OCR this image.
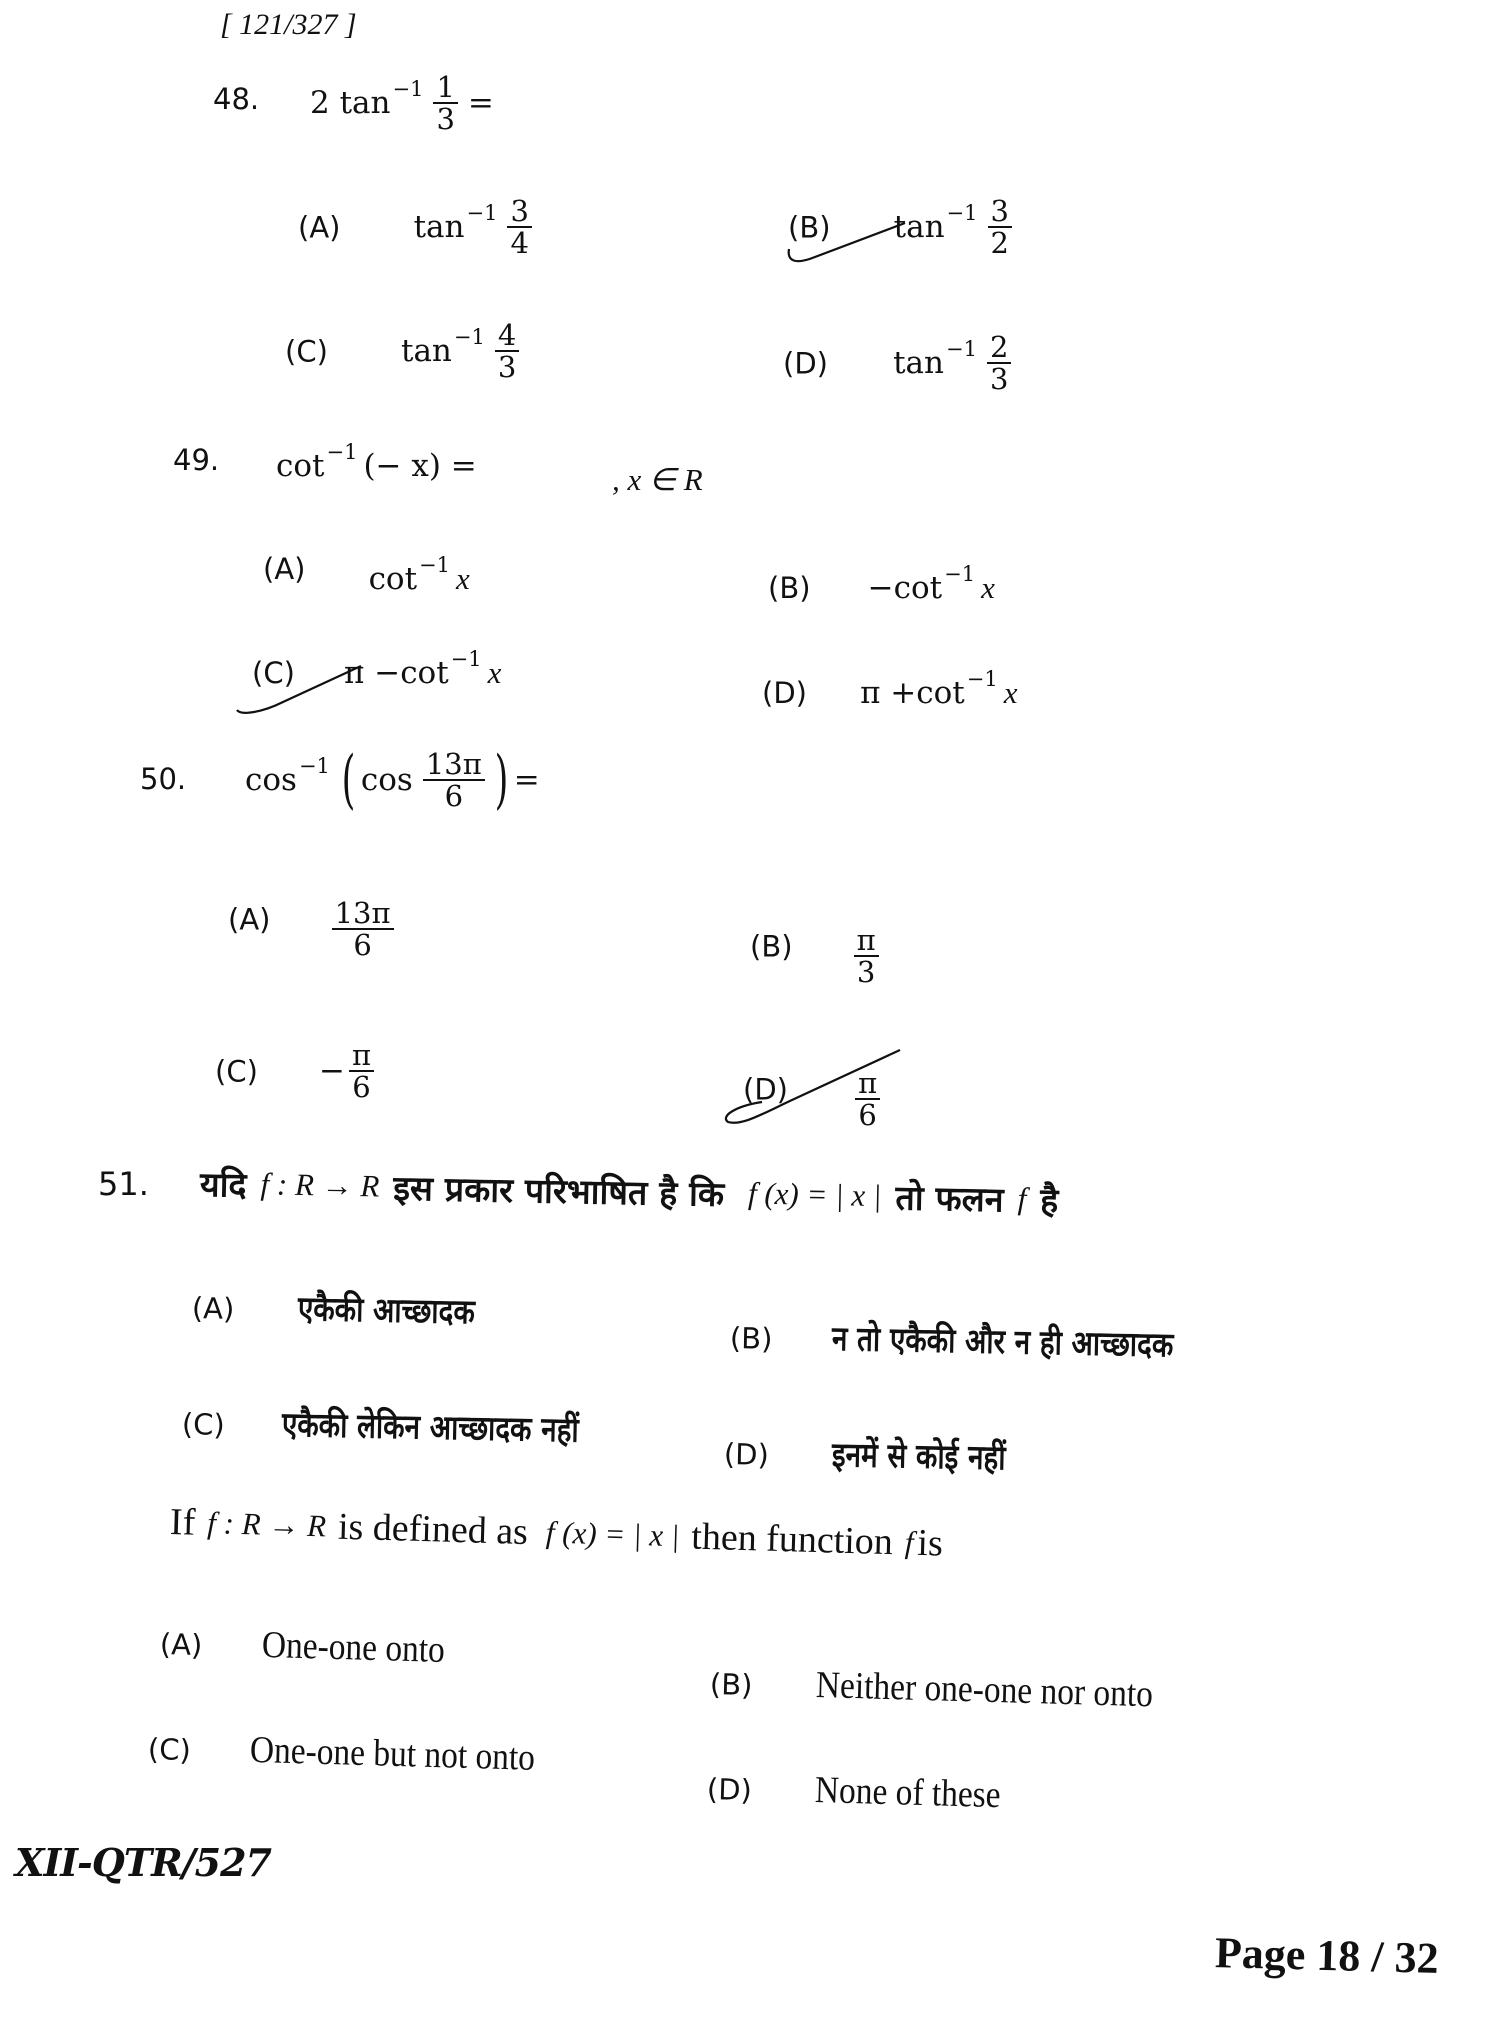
[ 121/327 ]
48. 2
$\tan^{-1} \frac{1}{3}$ =
(A) $\tan^{-1} \frac{3}{4}$	(B) $\tan^{-1} \frac{3}{2}$
(C) $\tan^{-1} \frac{4}{3}$	(D) $\tan^{-1} \frac{2}{3}$
49. $\cot^{-1}$ (− x) =	, x ∈ R
(A) $\cot^{-1} x$	$(B) - \cot^{-1} x$
(C) $\pi - \cot^{-1} x$
(D) $\pi + \cot^{-1} x$
50. $\cos^{-1}$ ( $\cos \frac{13\pi}{6}$ ) =
$(A) \frac{13\pi}{6}$	$(B) \frac{\pi}{3}$
$(C) - \frac{\pi}{6}$	$(D) \frac{\pi}{6}$
51. यदि f : R → R इस प्रकार परिभाषित है कि f (x) = | x | तो फलन f है
(A) एकैकी आच्छादक
(B) न तो एकैकी और न ही आच्छादक
(C) एकैकी लेकिन आच्छादक नहीं
(D) इनमें से कोई नहीं
If f : R → R is defined as f (x) = | x | then function f is
(A) One-one onto
(B) Neither one-one nor onto
(C) One-one but not onto
(D) None of these
XII-QTR/527
Page 18 / 32
